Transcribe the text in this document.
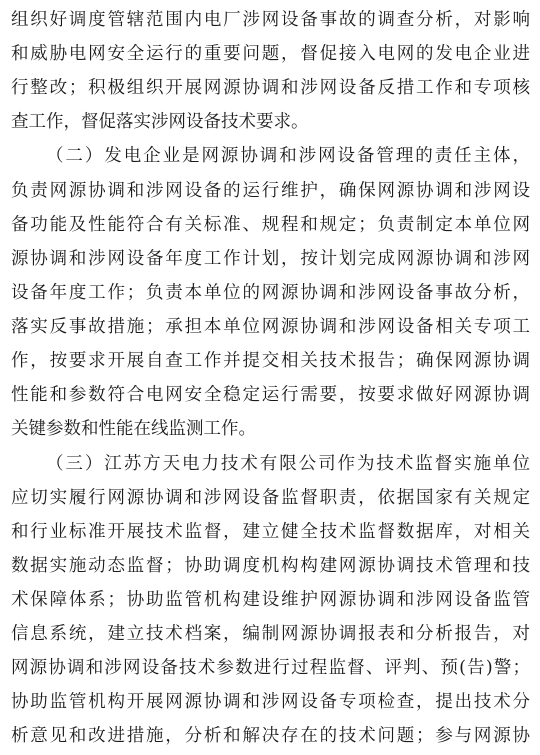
组织好调度管辖范围内电厂涉网设备事故的调查分析，对影响
和威胁电网安全运行的重要问题，督促接入电网的发电企业进
行整改；积极组织开展网源协调和涉网设备反措工作和专项核
查工作，督促落实涉网设备技术要求。
（二）发电企业是网源协调和涉网设备管理的责任主体，
负责网源协调和涉网设备的运行维护，确保网源协调和涉网设
备功能及性能符合有关标准、规程和规定；负责制定本单位网
源协调和涉网设备年度工作计划，按计划完成网源协调和涉网
设备年度工作；负责本单位的网源协调和涉网设备事故分析，
落实反事故措施；承担本单位网源协调和涉网设备相关专项工
作，按要求开展自查工作并提交相关技术报告；确保网源协调
性能和参数符合电网安全稳定运行需要，按要求做好网源协调
关键参数和性能在线监测工作。
（三）江苏方天电力技术有限公司作为技术监督实施单位
应切实履行网源协调和涉网设备监督职责，依据国家有关规定
和行业标准开展技术监督，建立健全技术监督数据库，对相关
数据实施动态监督；协助调度机构构建网源协调技术管理和技
术保障体系；协助监管机构建设维护网源协调和涉网设备监管
信息系统，建立技术档案，编制网源协调报表和分析报告，对
网源协调和涉网设备技术参数进行过程监督、评判、预(告)警；
协助监管机构开展网源协调和涉网设备专项检查，提出技术分
析意见和改进措施，分析和解决存在的技术问题；参与网源协
